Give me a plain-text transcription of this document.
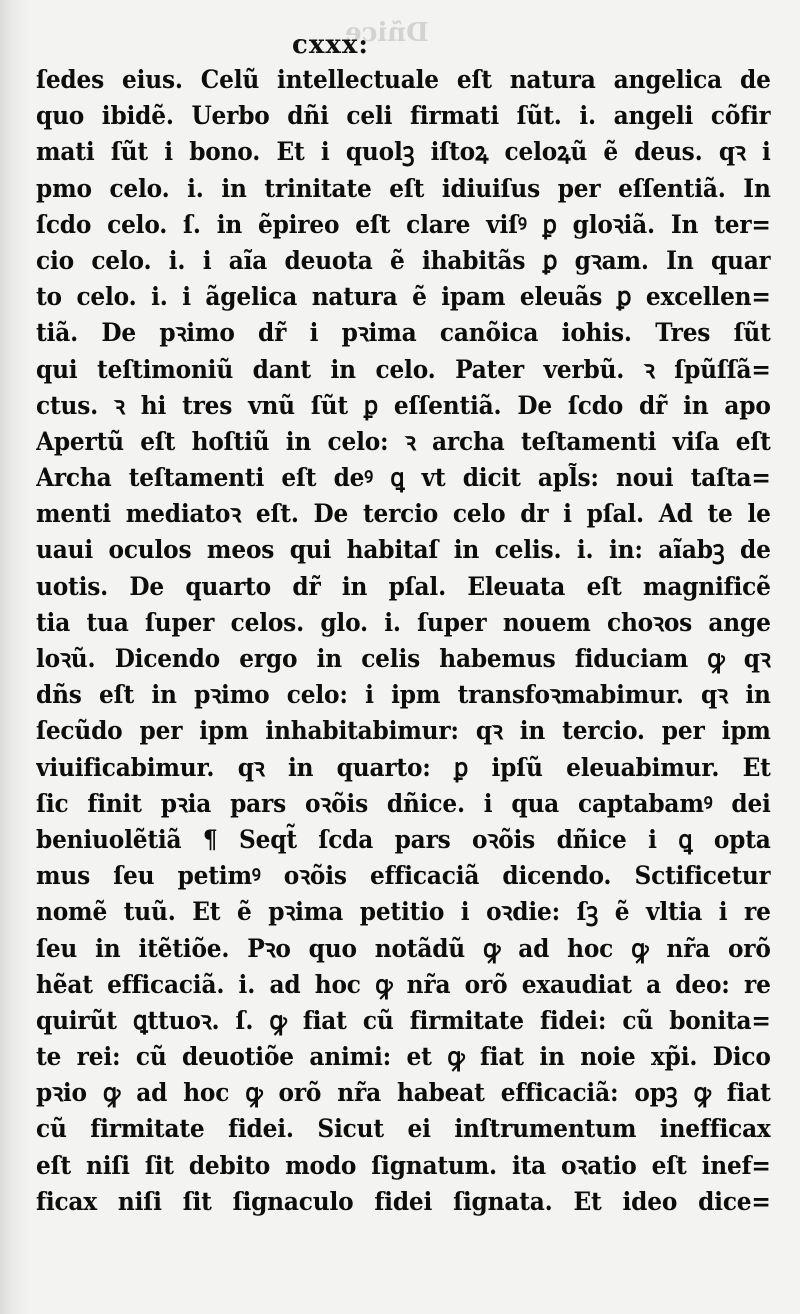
Dñice
cxxx:
ſedes eius. Celũ intellectuale eſt natura angelica de
quo ibidẽ. Uerbo dñi celi firmati ſũt. i. angeli cõfir
mati ſũt i bono. Et i quolꝫ iſtoꝝ celoꝝũ ẽ deus. qꝛ i
pmo celo. i. in trinitate eſt idiuiſus per eſſentiã. In
ſcdo celo. ſ. in ẽpireo eſt clare viſꝰ ꝑ gloꝛiã. In ter=
cio celo. i. i aĩa deuota ẽ ihabitãs ꝑ gꝛam. In quar
to celo. i. i ãgelica natura ẽ ipam eleuãs ꝑ excellen=
tiã. De pꝛimo dr̃ i pꝛima canõica iohis. Tres ſũt
qui teſtimoniũ dant in celo. Pater verbũ. ꝛ ſpũſſã=
ctus. ꝛ hi tres vnũ ſũt ꝑ eſſentiã. De ſcdo dr̃ in apo
Apertũ eſt hoſtiũ in celo: ꝛ archa teſtamenti viſa eſt
Archa teſtamenti eſt deꝰ ꝗ vt dicit apl̃s: noui taſta=
menti mediatoꝛ eſt. De tercio celo dr i pſal. Ad te le
uaui oculos meos qui habitaſ in celis. i. in: aĩabꝫ de
uotis. De quarto dr̃ in pſal. Eleuata eſt magnificẽ
tia tua ſuper celos. glo. i. ſuper nouem choꝛos ange
loꝛũ. Dicendo ergo in celis habemus fiduciam ꝙ qꝛ
dñs eſt in pꝛimo celo: i ipm transfoꝛmabimur. qꝛ in
ſecũdo per ipm inhabitabimur: qꝛ in tercio. per ipm
viuificabimur. qꝛ in quarto: ꝑ ipſũ eleuabimur. Et
ſic finit pꝛia pars oꝛõis dñice. i qua captabamꝰ dei
beniuolẽtiã ¶ Seqt̃ ſcda pars oꝛõis dñice i ꝗ opta
mus ſeu petimꝰ oꝛõis efficaciã dicendo. Sctificetur
nomẽ tuũ. Et ẽ pꝛima petitio i oꝛdie: ſꝫ ẽ vltia i re
ſeu in itẽtiõe. Pꝛo quo notãdũ ꝙ ad hoc ꝙ nr̃a orõ
hẽat efficaciã. i. ad hoc ꝙ nr̃a orõ exaudiat a deo: re
quirũt ꝗttuoꝛ. ſ. ꝙ fiat cũ firmitate fidei: cũ bonita=
te rei: cũ deuotiõe animi: et ꝙ fiat in noie xp̃i. Dico
pꝛio ꝙ ad hoc ꝙ orõ nr̃a habeat efficaciã: opꝫ ꝙ fiat
cũ firmitate fidei. Sicut ei inſtrumentum inefficax
eſt niſi ſit debito modo ſignatum. ita oꝛatio eſt inef=
ficax niſi ſit ſignaculo fidei ſignata. Et ideo dice=
